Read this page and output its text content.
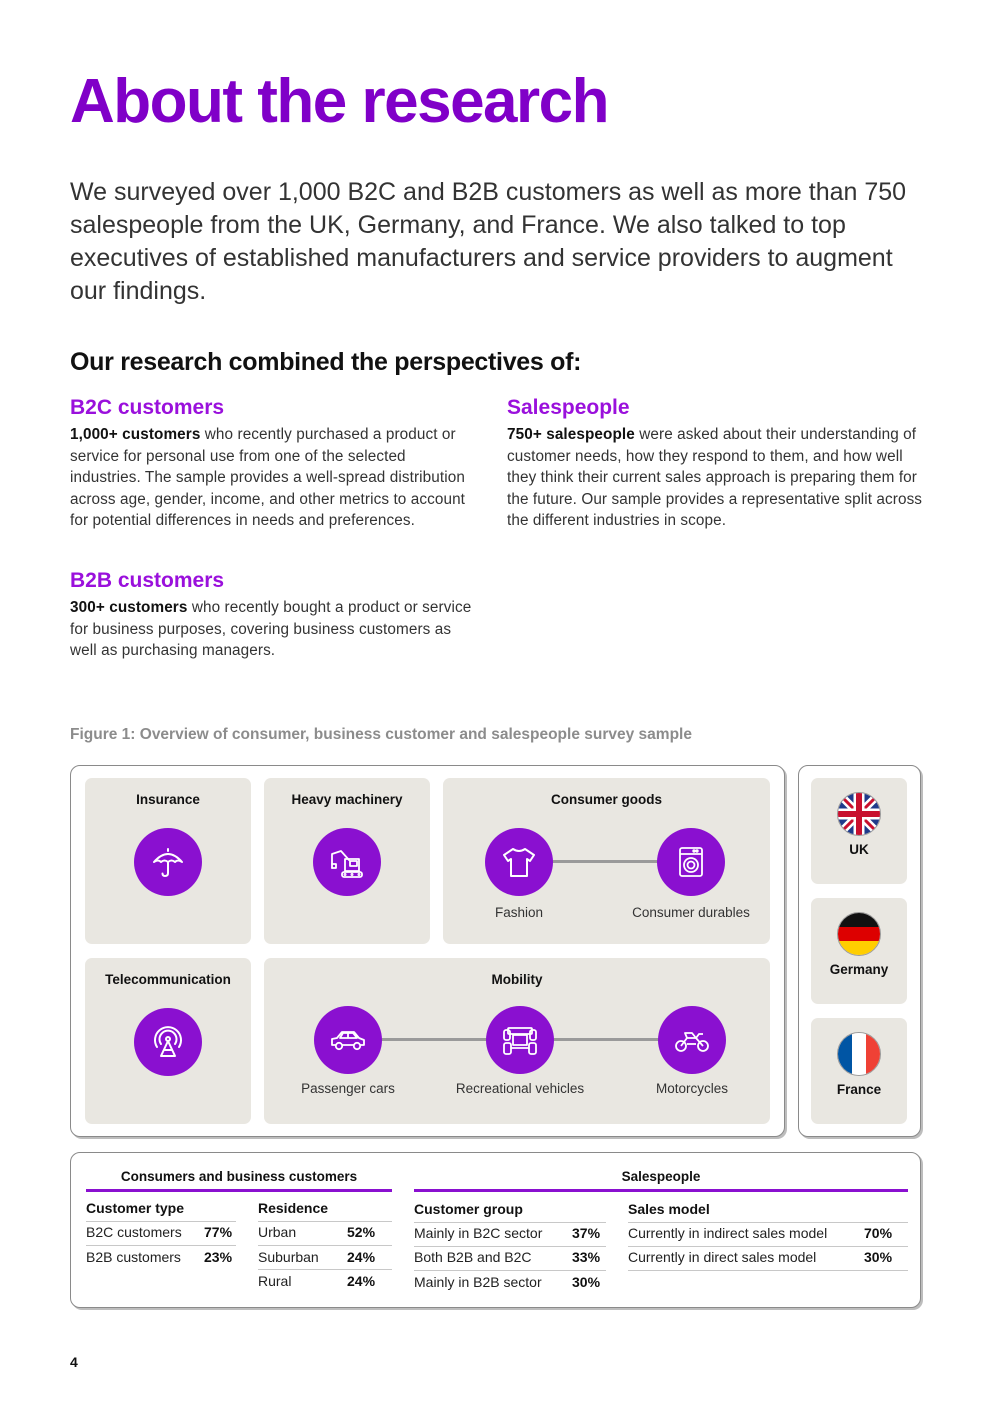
About the research

We surveyed over 1,000 B2C and B2B customers as well as more than 750 salespeople from the UK, Germany, and France. We also talked to top executives of established manufacturers and service providers to augment our findings.

Our research combined the perspectives of:
B2C customers

1,000+ customers who recently purchased a product or service for personal use from one of the selected industries. The sample provides a well-spread distribution across age, gender, income, and other metrics to account for potential differences in needs and preferences.

B2B customers

300+ customers who recently bought a product or service for business purposes, covering business customers as well as purchasing managers.

Salespeople

750+ salespeople were asked about their understanding of customer needs, how they respond to them, and how well they think their current sales approach is preparing them for the future. Our sample provides a representative split across the different industries in scope.

Figure 1: Overview of consumer, business customer and salespeople survey sample
Insurance	Heavy machinery	Consumer goods
Fashion	Consumer durables
Telecommunication	Mobility
Passenger cars	Recreational vehicles	Motorcycles
UK
Germany
France
Consumers and business customers	Salespeople
Customer type
B2C customers 77%
B2B customers 23%
Residence
Urban	52%
Suburban 24%
Rural	24%
Customer group
Mainly in B2C sector 37%
Both B2B and B2C	33%
Mainly in B2B sector 30%
Sales model
Currently in indirect sales model	70%
Currently in direct sales model	30%
4
